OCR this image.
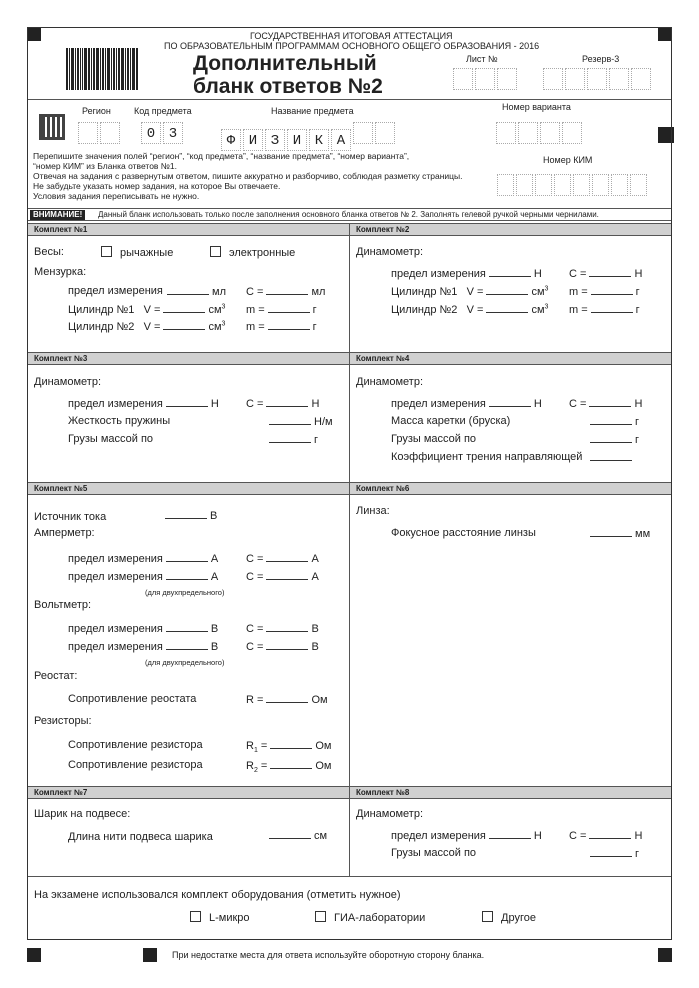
ГОСУДАРСТВЕННАЯ ИТОГОВАЯ АТТЕСТАЦИЯ
ПО ОБРАЗОВАТЕЛЬНЫМ ПРОГРАММАМ ОСНОВНОГО ОБЩЕГО ОБРАЗОВАНИЯ - 2016
Дополнительный
бланк ответов №2
Лист №	Резерв-3
Регион	Код предмета	Название предмета	Номер варианта
0 3	Ф И З И К А
Перепишите значения полей “регион”, “код предмета”, “название предмета”, “номер варианта”,
“номер КИМ” из Бланка ответов №1.
Отвечая на задания с развернутым ответом, пишите аккуратно и разборчиво, соблюдая разметку страницы.
Не забудьте указать номер задания, на которое Вы отвечаете.
Условия задания переписывать не нужно.
Номер КИМ
ВНИМАНИЕ!	Данный бланк использовать только после заполнения основного бланка ответов № 2. Заполнять гелевой ручкой черными чернилами.
Комплект №1	Комплект №2
Весы:	рычажные	электронные
Мензурка:
предел измерения	мл С =	мл
Цилиндр №1 V =	$см^3$ m =	г
Цилиндр №2 V =	$см^3$ m =	г
Динамометр:
предел измерения	Н С =	Н
Цилиндр №1 V =	$см^3$ m =	г
Цилиндр №2 V =	$см^3$ m =	г
Комплект №3	Комплект №4
Динамометр:
предел измерения	Н С =	Н
Жесткость пружины	Н/м
Грузы массой по	г
Динамометр:
предел измерения	Н С =	Н
Масса каретки (бруска)	г
Грузы массой по	г
Коэффициент трения направляющей
Комплект №5	Комплект №6
Источник тока	В
Амперметр:
предел измерения	А	С =	А
предел измерения	А	С =	А
(для двухпредельного)
Вольтметр:
предел измерения	В	С =	В
предел измерения	В	С =	В
(для двухпредельного)
Реостат:
Сопротивление реостата	R =	Ом
Резисторы:
Сопротивление резистора	$R_1$ =	Ом
Сопротивление резистора	$R_2$ =	Ом
Линза:
Фокусное расстояние линзы	мм
Комплект №7	Комплект №8
Шарик на подвесе:
Длина нити подвеса шарика	см
Динамометр:
предел измерения	Н С =	Н
Грузы массой по	г
На экзамене использовался комплект оборудования (отметить нужное)
L-микро	ГИА-лаборатории	Другое
При недостатке места для ответа используйте оборотную сторону бланка.
